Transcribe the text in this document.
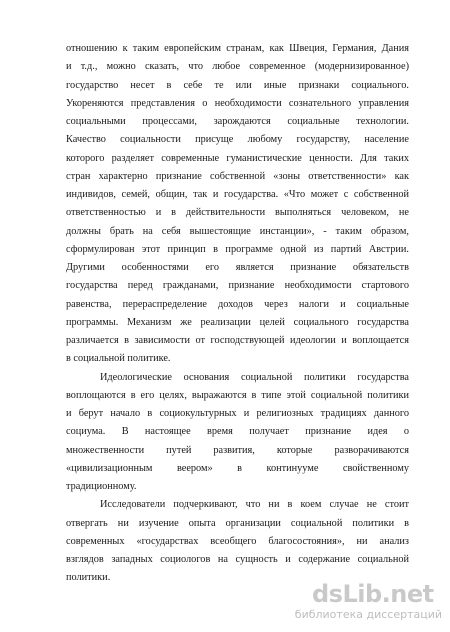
отношению к таким европейским странам, как Швеция, Германия, Дания
и т.д., можно сказать, что любое современное (модернизированное)
государство несет в себе те или иные признаки социального.
Укореняются представления о необходимости сознательного управления
социальными процессами, зарождаются социальные технологии.
Качество социальности присуще любому государству, население
которого разделяет современные гуманистические ценности. Для таких
стран характерно признание собственной «зоны ответственности» как
индивидов, семей, общин, так и государства. «Что может с собственной
ответственностью и в действительности выполняться человеком, не
должны брать на себя вышестоящие инстанции», - таким образом,
сформулирован этот принцип в программе одной из партий Австрии.
Другими особенностями его является признание обязательств
государства перед гражданами, признание необходимости стартового
равенства, перераспределение доходов через налоги и социальные
программы. Механизм же реализации целей социального государства
различается в зависимости от господствующей идеологии и воплощается
в социальной политике.
Идеологические основания социальной политики государства
воплощаются в его целях, выражаются в типе этой социальной политики
и берут начало в социокультурных и религиозных традициях данного
социума. В настоящее время получает признание идея о
множественности путей развития, которые разворачиваются
«цивилизационным веером» в континууме свойственному
традиционному.
Исследователи подчеркивают, что ни в коем случае не стоит
отвергать ни изучение опыта организации социальной политики в
современных «государствах всеобщего благосостояния», ни анализ
взглядов западных социологов на сущность и содержание социальной
политики.
dsLib.net
библиотека диссертаций
